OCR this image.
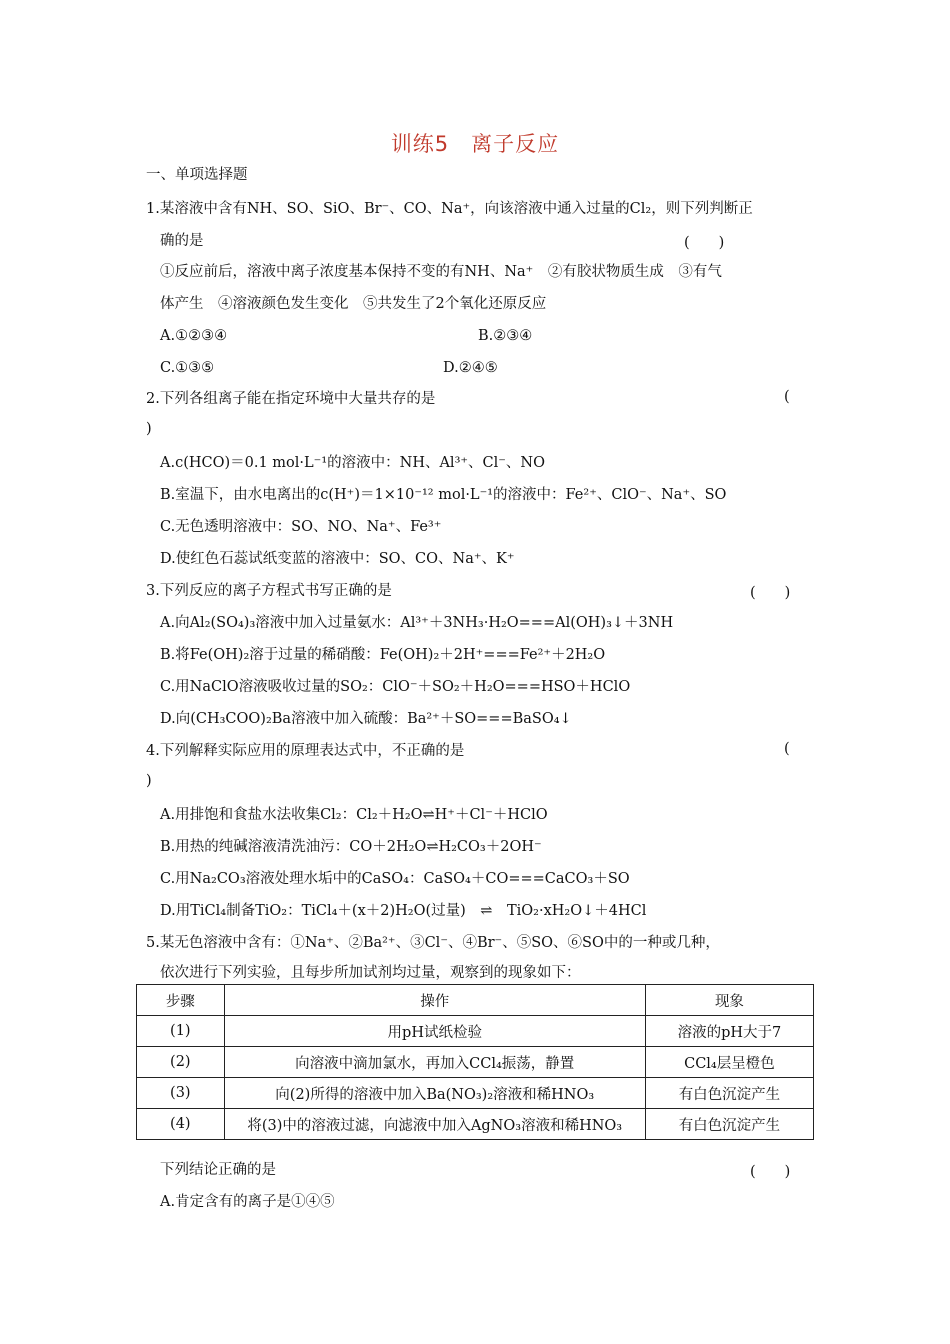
训练5　离子反应
一、单项选择题
1.某溶液中含有NH、SO、SiO、Br⁻、CO、Na⁺，向该溶液中通入过量的Cl₂，则下列判断正
确的是	(　　)
①反应前后，溶液中离子浓度基本保持不变的有NH、Na⁺　②有胶状物质生成　③有气
体产生　④溶液颜色发生变化　⑤共发生了2个氧化还原反应
A.①②③④	B.②③④
C.①③⑤	D.②④⑤
2.下列各组离子能在指定环境中大量共存的是	(
)
A.c(HCO)＝0.1 mol·L⁻¹的溶液中：NH、Al³⁺、Cl⁻、NO
B.室温下，由水电离出的c(H⁺)＝1×10⁻¹² mol·L⁻¹的溶液中：Fe²⁺、ClO⁻、Na⁺、SO
C.无色透明溶液中：SO、NO、Na⁺、Fe³⁺
D.使红色石蕊试纸变蓝的溶液中：SO、CO、Na⁺、K⁺
3.下列反应的离子方程式书写正确的是	(　　)
A.向Al₂(SO₄)₃溶液中加入过量氨水：Al³⁺＋3NH₃·H₂O===Al(OH)₃↓＋3NH
B.将Fe(OH)₂溶于过量的稀硝酸：Fe(OH)₂＋2H⁺===Fe²⁺＋2H₂O
C.用NaClO溶液吸收过量的SO₂：ClO⁻＋SO₂＋H₂O===HSO＋HClO
D.向(CH₃COO)₂Ba溶液中加入硫酸：Ba²⁺＋SO===BaSO₄↓
4.下列解释实际应用的原理表达式中，不正确的是	(
)
A.用排饱和食盐水法收集Cl₂：Cl₂＋H₂O⇌H⁺＋Cl⁻＋HClO
B.用热的纯碱溶液清洗油污：CO＋2H₂O⇌H₂CO₃＋2OH⁻
C.用Na₂CO₃溶液处理水垢中的CaSO₄：CaSO₄＋CO===CaCO₃＋SO
D.用TiCl₄制备TiO₂：TiCl₄＋(x＋2)H₂O(过量)　⇌　TiO₂·xH₂O↓＋4HCl
5.某无色溶液中含有：①Na⁺、②Ba²⁺、③Cl⁻、④Br⁻、⑤SO、⑥SO中的一种或几种，
依次进行下列实验，且每步所加试剂均过量，观察到的现象如下：
步骤	操作	现象
(1)	用pH试纸检验	溶液的pH大于7
(2)	向溶液中滴加氯水，再加入CCl₄振荡，静置	CCl₄层呈橙色
(3)	向(2)所得的溶液中加入Ba(NO₃)₂溶液和稀HNO₃	有白色沉淀产生
(4)	将(3)中的溶液过滤，向滤液中加入AgNO₃溶液和稀HNO₃	有白色沉淀产生
下列结论正确的是	(　　)
A.肯定含有的离子是①④⑤
